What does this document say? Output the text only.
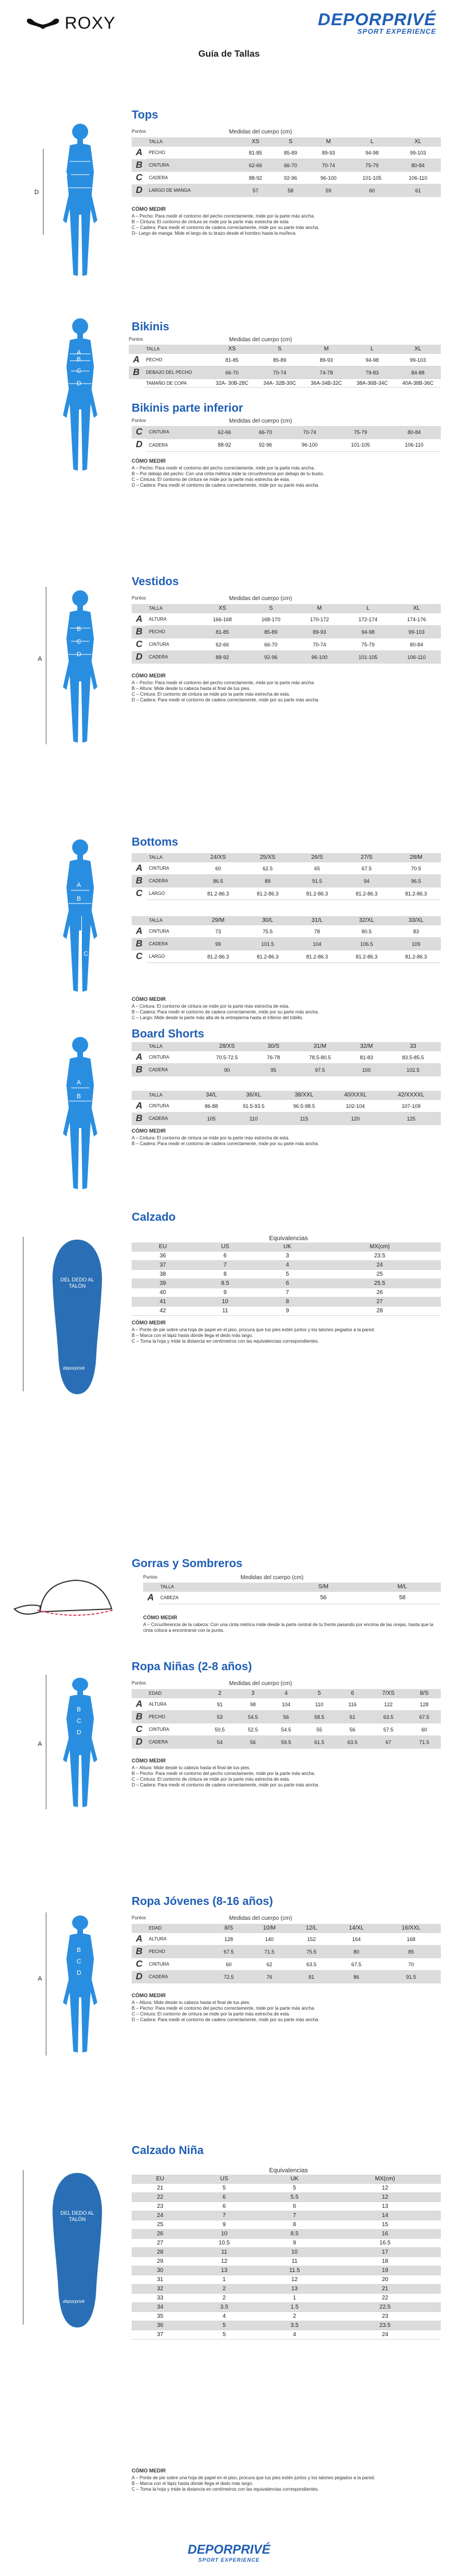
ROXY	DEPORPRIVÉ
SPORT EXPERIENCE
Guía de Tallas
Tops
A
B
C
D
Puntos	Medidas del cuerpo (cm)
	TALLA	XS	S	M	L	XL
A	PECHO	81-85	85-89	89-93	94-98	99-103
B	CINTURA	62-66	66-70	70-74	75-79	80-84
C	CADERA	88-92	92-96	96-100	101-105	106-110
D	LARGO DE MANGA	57	58	59	60	61
CÓMO MEDIR
A – Pecho: Para medir el contorno del pecho correctamente, mide por la parte más ancha.
B – Cintura: El contorno de cintura se mide por la parte más estrecha de esta
C – Cadera: Para medir el contorno de cadera correctamente, mide por su parte más ancha.
D– Largo de manga: Mide el largo de tu brazo desde el hombro hasta la muñeca.
Bikinis
A
B
C
D
Puntos	Medidas del cuerpo (cm)
	TALLA	XS	S	M	L	XL
A	PECHO	81-85	85-89	89-93	94-98	99-103
B	DEBAJO DEL PECHO	66-70	70-74	74-78	79-83	84-88
	TAMAÑO DE COPA	32A- 30B-28C	34A- 32B-30C	36A-34B-32C	38A-36B-34C	40A-38B-36C
Bikinis parte inferior
Puntos	Medidas del cuerpo (cm)
C	CINTURA	62-66	66-70	70-74	75-79	80-84
D	CADERA	88-92	92-96	96-100	101-105	106-110
CÓMO MEDIR
A – Pecho: Para medir el contorno del pecho correctamente, mide por la parte más ancha.
B – Por debajo del pecho: Con una cinta métrica mide la circunferencia por debajo de tu busto.
C – Cintura: El contorno de cintura se mide por la parte más estrecha de esta.
D – Cadera: Para medir el contorno de cadera correctamente, mide por su parte más ancha.
Vestidos
A
B
C
D
Puntos	Medidas del cuerpo (cm)
	TALLA	XS	S	M	L	XL
A	ALTURA	166-168	168-170	170-172	172-174	174-176
B	PECHO	81-85	85-89	89-93	94-98	99-103
C	CINTURA	62-66	66-70	70-74	75-79	80-84
D	CADERA	88-92	92-96	96-100	101-105	106-110
CÓMO MEDIR
A – Pecho: Para medir el contorno del pecho correctamente, mide por la parte más ancha.
B – Altura: Mide desde tu cabeza hasta el final de tus pies.
C – Cintura: El contorno de cintura se mide por la parte más estrecha de esta.
D – Cadera: Para medir el contorno de cadera correctamente, mide por su parte más ancha.
Bottoms
A
B
C
	TALLA	24/XS	25/XS	26/S	27/S	28/M
A	CINTURA	60	62.5	65	67.5	70.5
B	CADERA	86.5	89	91.5	94	96.5
C	LARGO	81.2-86.3	81.2-86.3	81.2-86.3	81.2-86.3	81.2-86.3
	TALLA	29/M	30/L	31/L	32/XL	33/XL
A	CINTURA	73	75.5	78	80.5	83
B	CADERA	99	101.5	104	106.5	109
C	LARGO	81.2-86.3	81.2-86.3	81.2-86.3	81.2-86.3	81.2-86.3
CÓMO MEDIR
A – Cintura: El contorno de cintura se mide por la parte más estrecha de esta.
B – Cadera: Para medir el contorno de cadera correctamente, mide por su parte más ancha.
C – Largo: Mide desde la parte más alta de la entrepierna hasta el inferior del tobillo.
Board Shorts
A
B
	TALLA	28/XS	30/S	31/M	32/M	33
A	CINTURA	70.5-72.5	76-78	78.5-80.5	81-83	83.5-85.5
B	CADERA	90	95	97.5	100	102.5
	TALLA	34/L	36/XL	38/XXL	40/XXXL	42/XXXXL
A	CINTURA	86-88	91.5-93.5	96.5-98.5	102-104	107-109
B	CADERA	105	110	115	120	125
CÓMO MEDIR
A – Cintura: El contorno de cintura se mide por la parte más estrecha de esta.
B – Cadera: Para medir el contorno de cadera correctamente, mide por su parte más ancha.
Calzado
DEL DEDO AL TALÓN
deporprivé
Equivalencias
EU	US	UK	MX(cm)
36	6	3	23.5
37	7	4	24
38	8	5	25
39	8.5	6	25.5
40	9	7	26
41	10	8	27
42	11	9	28
CÓMO MEDIR
A – Ponte de pie sobre una hoja de papel en el piso, procura que tus pies estén juntos y los talones pegados a la pared.
B – Marca con el lápiz hasta dónde llega el dedo más largo.
C – Toma la hoja y mide la distancia en centímetros con las equivalencias correspondientes.
Gorras y Sombreros
Puntos	Medidas del cuerpo (cm)
	TALLA	S/M	M/L
A	CABEZA	56	58
CÓMO MEDIR
A – Circunferencia de la cabeza: Con una cinta métrica mide desde la parte central de tu frente pasando por encima de las orejas, hasta que la cinta coloca a encontrarse con la punta.
Ropa Niñas (2-8 años)
A
B
C
D
Puntos	Medidas del cuerpo (cm)
	EDAD	2	3	4	5	6	7/XS	8/S
A	ALTURA	91	98	104	110	116	122	128
B	PECHO	53	54.5	56	58.5	61	63.5	67.5
C	CINTURA	50.5	52.5	54.5	55	56	57.5	60
D	CADERA	54	56	59.5	61.5	63.5	67	71.5
CÓMO MEDIR
A – Altura: Mide desde tu cabeza hasta el final de tus pies.
B – Pecho: Para medir el contorno del pecho correctamente, mide por la parte más ancha.
C – Cintura: El contorno de cintura se mide por la parte más estrecha de esta.
D – Cadera: Para medir el contorno de cadera correctamente, mide por su parte más ancha.
Ropa Jóvenes (8-16 años)
A
B
C
D
Puntos	Medidas del cuerpo (cm)
	EDAD	8/S	10/M	12/L	14/XL	16/XXL
A	ALTURA	128	140	152	164	168
B	PECHO	67.5	71.5	75.5	80	85
C	CINTURA	60	62	63.5	67.5	70
D	CADERA	72.5	76	81	86	91.5
CÓMO MEDIR
A – Altura: Mide desde tu cabeza hasta el final de tus pies.
B – Pecho: Para medir el contorno del pecho correctamente, mide por la parte más ancha.
C – Cintura: El contorno de cintura se mide por la parte más estrecha de esta.
D – Cadera: Para medir el contorno de cadera correctamente, mide por su parte más ancha.
Calzado Niña
DEL DEDO AL TALÓN
deporprivé
Equivalencias
EU	US	UK	MX(cm)
21	5	5	12
22	6	5.5	12
23	6	6	13
24	7	7	14
25	9	8	15
26	10	8.5	16
27	10.5	9	16.5
28	11	10	17
29	12	11	18
30	13	11.5	19
31	1	12	20
32	2	13	21
33	2	1	22
34	3.5	1.5	22.5
35	4	2	23
36	5	3.5	23.5
37	5	4	24
CÓMO MEDIR
A – Ponte de pie sobre una hoja de papel en el piso, procura que tus pies estén juntos y los talones pegados a la pared.
B – Marca con el lápiz hasta dónde llega el dedo más largo.
C – Toma la hoja y mide la distancia en centímetros con las equivalencias correspondientes.
DEPORPRIVÉ
SPORT EXPERIENCE
